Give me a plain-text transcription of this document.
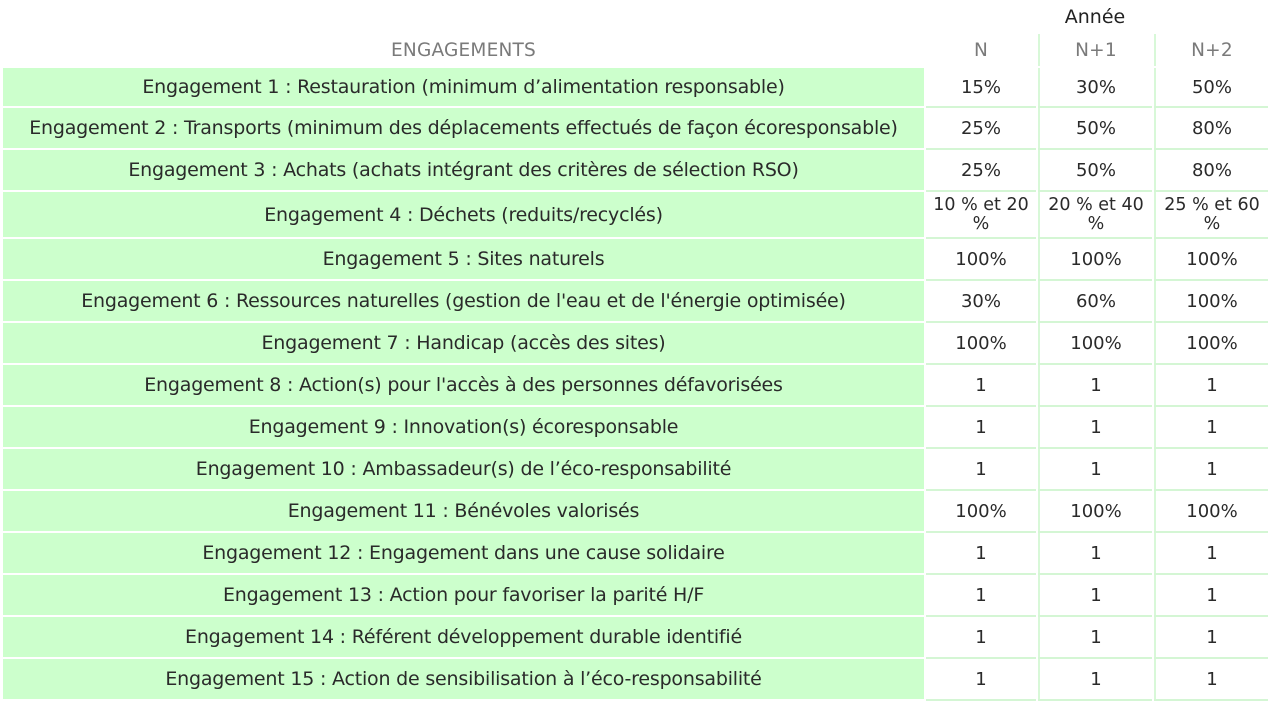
Année
ENGAGEMENTS	N	N+1	N+2
Engagement 1 : Restauration (minimum d’alimentation responsable)	15%	30%	50%
Engagement 2 : Transports (minimum des déplacements effectués de façon écoresponsable)	25%	50%	80%
Engagement 3 : Achats (achats intégrant des critères de sélection RSO)	25%	50%	80%
Engagement 4 : Déchets (reduits/recyclés)	10 % et 20 %	20 % et 40 %	25 % et 60 %
Engagement 5 : Sites naturels	100%	100%	100%
Engagement 6 : Ressources naturelles (gestion de l'eau et de l'énergie optimisée)	30%	60%	100%
Engagement 7 : Handicap (accès des sites)	100%	100%	100%
Engagement 8 : Action(s) pour l'accès à des personnes défavorisées	1	1	1
Engagement 9 : Innovation(s) écoresponsable	1	1	1
Engagement 10 : Ambassadeur(s) de l’éco-responsabilité	1	1	1
Engagement 11 : Bénévoles valorisés	100%	100%	100%
Engagement 12 : Engagement dans une cause solidaire	1	1	1
Engagement 13 : Action pour favoriser la parité H/F	1	1	1
Engagement 14 : Référent développement durable identifié	1	1	1
Engagement 15 : Action de sensibilisation à l’éco-responsabilité	1	1	1
